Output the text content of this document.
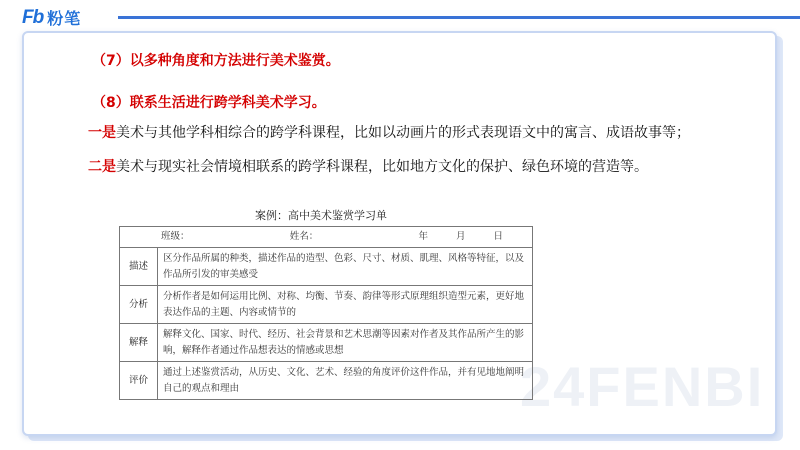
Fb 粉笔
24FENBI
（7）以多种角度和方法进行美术鉴赏。
（8）联系生活进行跨学科美术学习。
一是美术与其他学科相综合的跨学科课程，比如以动画片的形式表现语文中的寓言、成语故事等；
二是美术与现实社会情境相联系的跨学科课程，比如地方文化的保护、绿色环境的营造等。
案例：高中美术鉴赏学习单
班级： 姓名： 年 月 日	

描述	区分作品所属的种类，描述作品的造型、色彩、尺寸、材质、肌理、风格等特征，以及作品所引发的审美感受
分析	分析作者是如何运用比例、对称、均衡、节奏、韵律等形式原理组织造型元素，更好地表达作品的主题、内容或情节的
解释	解释文化、国家、时代、经历、社会背景和艺术思潮等因素对作者及其作品所产生的影响，解释作者通过作品想表达的情感或思想
评价	通过上述鉴赏活动，从历史、文化、艺术、经验的角度评价这件作品，并有见地地阐明自己的观点和理由
